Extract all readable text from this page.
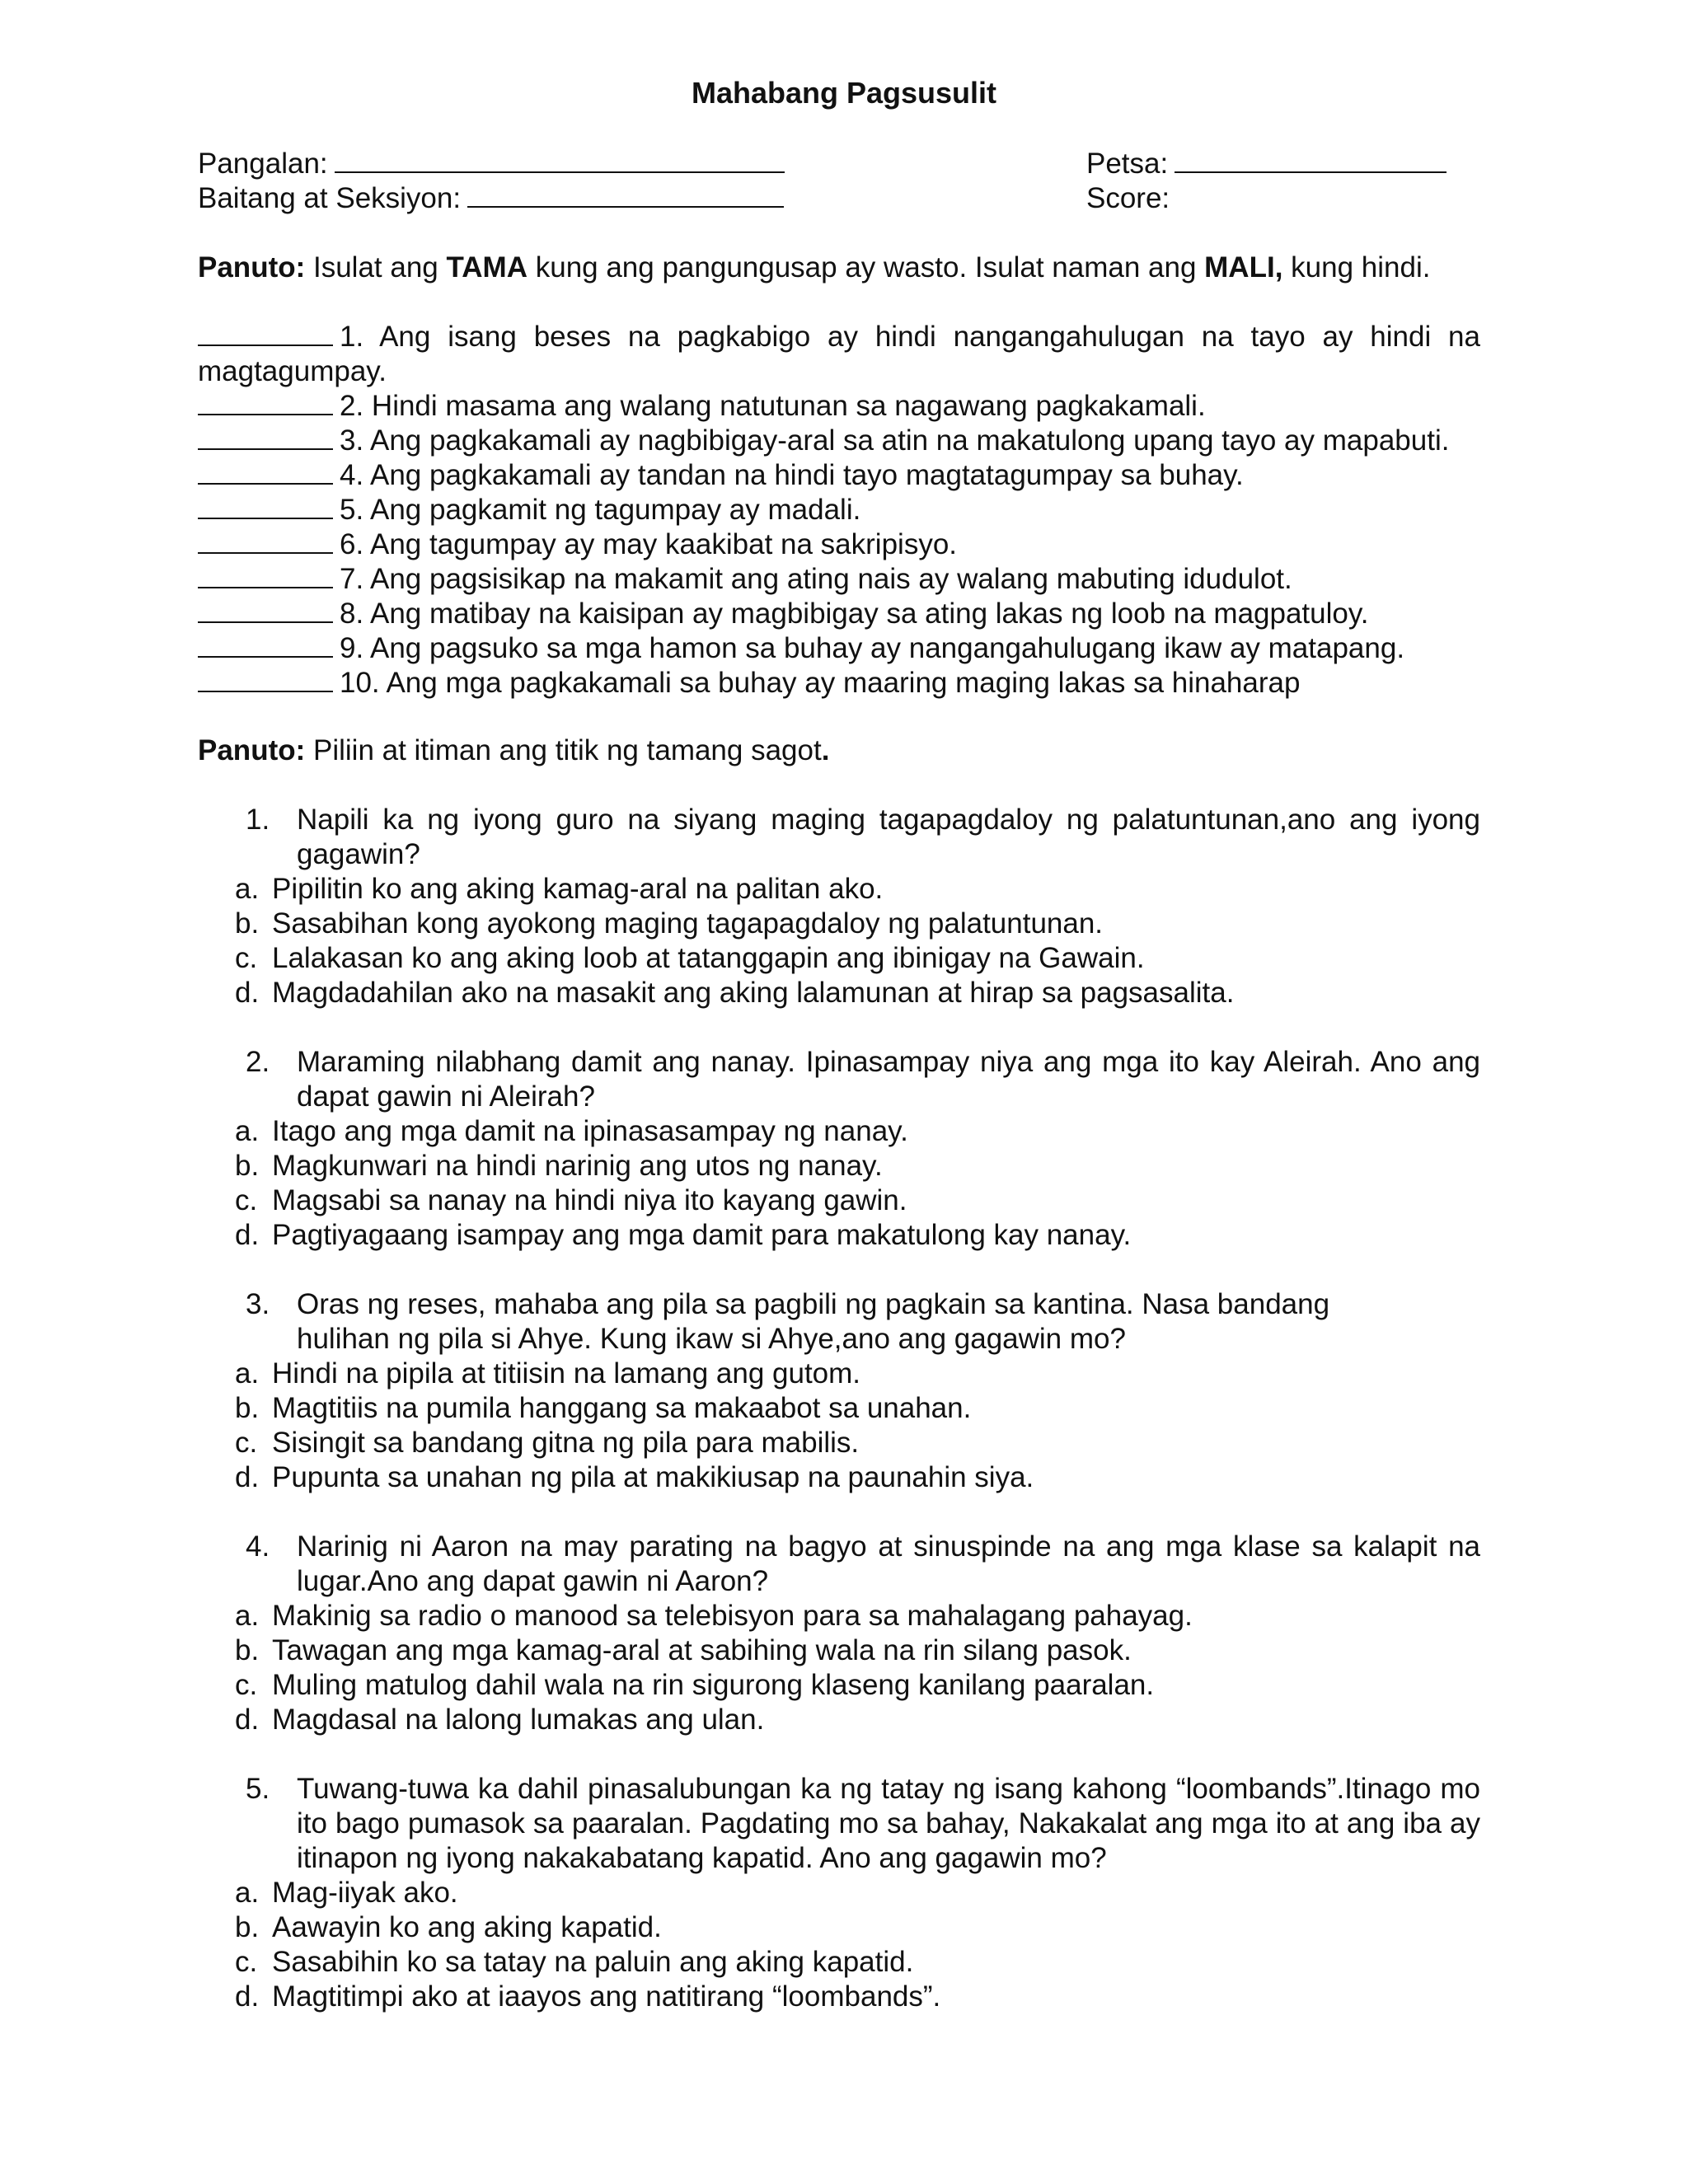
Mahabang Pagsusulit
Pangalan:	Petsa:
Baitang at Seksiyon:	Score:
Panuto: Isulat ang TAMA kung ang pangungusap ay wasto. Isulat naman ang MALI, kung hindi.
1. Ang isang beses na pagkabigo ay hindi nangangahulugan na tayo ay hindi na magtagumpay.
2. Hindi masama ang walang natutunan sa nagawang pagkakamali.
3. Ang pagkakamali ay nagbibigay-aral sa atin na makatulong upang tayo ay mapabuti.
4. Ang pagkakamali ay tandan na hindi tayo magtatagumpay sa buhay.
5. Ang pagkamit ng tagumpay ay madali.
6. Ang tagumpay ay may kaakibat na sakripisyo.
7. Ang pagsisikap na makamit ang ating nais ay walang mabuting idudulot.
8. Ang matibay na kaisipan ay magbibigay sa ating lakas ng loob na magpatuloy.
9. Ang pagsuko sa mga hamon sa buhay ay nangangahulugang ikaw ay matapang.
10. Ang mga pagkakamali sa buhay ay maaring maging lakas sa hinaharap
Panuto: Piliin at itiman ang titik ng tamang sagot.
1. Napili ka ng iyong guro na siyang maging tagapagdaloy ng palatuntunan,ano ang iyong gagawin?
a. Pipilitin ko ang aking kamag-aral na palitan ako.
b. Sasabihan kong ayokong maging tagapagdaloy ng palatuntunan.
c. Lalakasan ko ang aking loob at tatanggapin ang ibinigay na Gawain.
d. Magdadahilan ako na masakit ang aking lalamunan at hirap sa pagsasalita.
2. Maraming nilabhang damit ang nanay. Ipinasampay niya ang mga ito kay Aleirah. Ano ang dapat gawin ni Aleirah?
a. Itago ang mga damit na ipinasasampay ng nanay.
b. Magkunwari na hindi narinig ang utos ng nanay.
c. Magsabi sa nanay na hindi niya ito kayang gawin.
d. Pagtiyagaang isampay ang mga damit para makatulong kay nanay.
3. Oras ng reses, mahaba ang pila sa pagbili ng pagkain sa kantina. Nasa bandang hulihan ng pila si Ahye. Kung ikaw si Ahye,ano ang gagawin mo?
a. Hindi na pipila at titiisin na lamang ang gutom.
b. Magtitiis na pumila hanggang sa makaabot sa unahan.
c. Sisingit sa bandang gitna ng pila para mabilis.
d. Pupunta sa unahan ng pila at makikiusap na paunahin siya.
4. Narinig ni Aaron na may parating na bagyo at sinuspinde na ang mga klase sa kalapit na lugar.Ano ang dapat gawin ni Aaron?
a. Makinig sa radio o manood sa telebisyon para sa mahalagang pahayag.
b. Tawagan ang mga kamag-aral at sabihing wala na rin silang pasok.
c. Muling matulog dahil wala na rin sigurong klaseng kanilang paaralan.
d. Magdasal na lalong lumakas ang ulan.
5. Tuwang-tuwa ka dahil pinasalubungan ka ng tatay ng isang kahong “loombands”.Itinago mo ito bago pumasok sa paaralan. Pagdating mo sa bahay, Nakakalat ang mga ito at ang iba ay itinapon ng iyong nakakabatang kapatid. Ano ang gagawin mo?
a. Mag-iiyak ako.
b. Aawayin ko ang aking kapatid.
c. Sasabihin ko sa tatay na paluin ang aking kapatid.
d. Magtitimpi ako at iaayos ang natitirang “loombands”.
